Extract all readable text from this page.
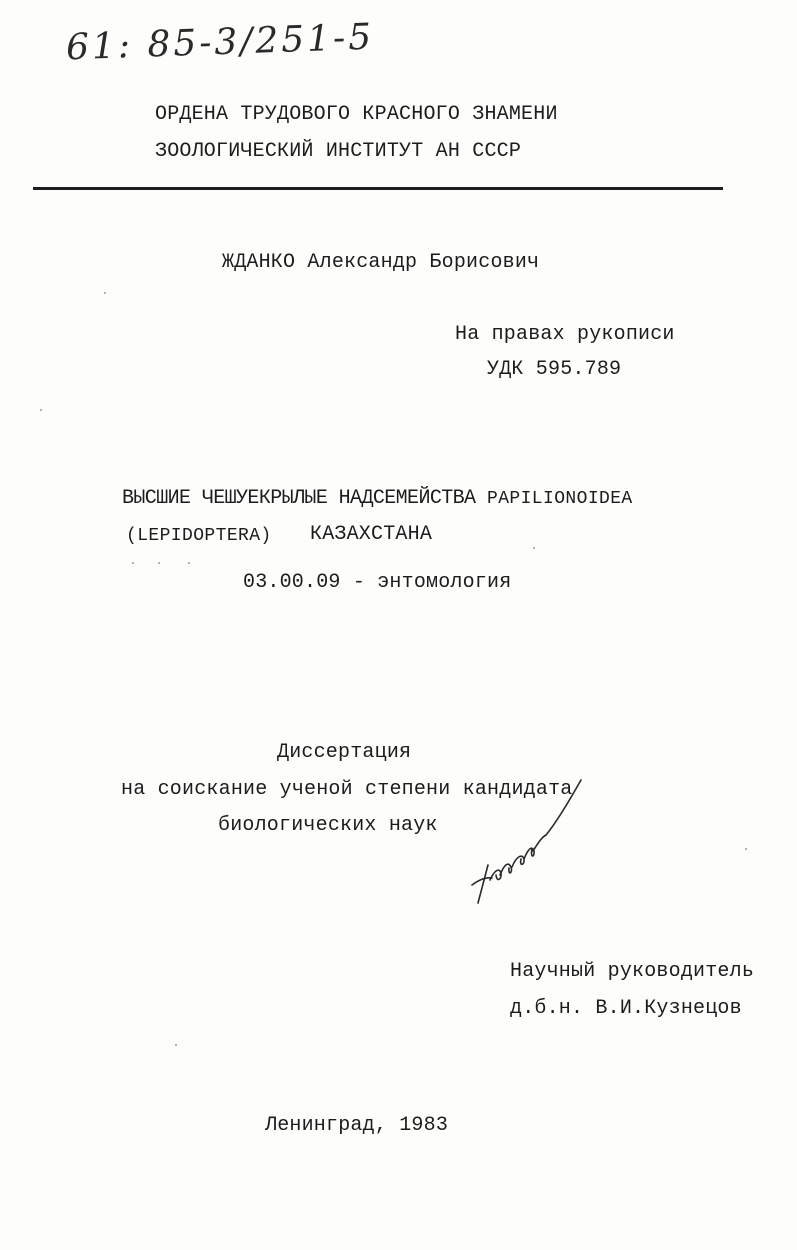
61: 85-3/251-5
ОРДЕНА ТРУДОВОГО КРАСНОГО ЗНАМЕНИ
ЗООЛОГИЧЕСКИЙ ИНСТИТУТ АН СССР
ЖДАНКО Александр Борисович
На правах рукописи
УДК 595.789
ВЫСШИЕ ЧЕШУЕКРЫЛЫЕ НАДСЕМЕЙСТВА PAPILIONOIDEA
(LEPIDOPTERA) КАЗАХСТАНА
03.00.09 - энтомология
Диссертация
на соискание ученой степени кандидата
биологических наук
Научный руководитель
д.б.н. В.И.Кузнецов
Ленинград, 1983
